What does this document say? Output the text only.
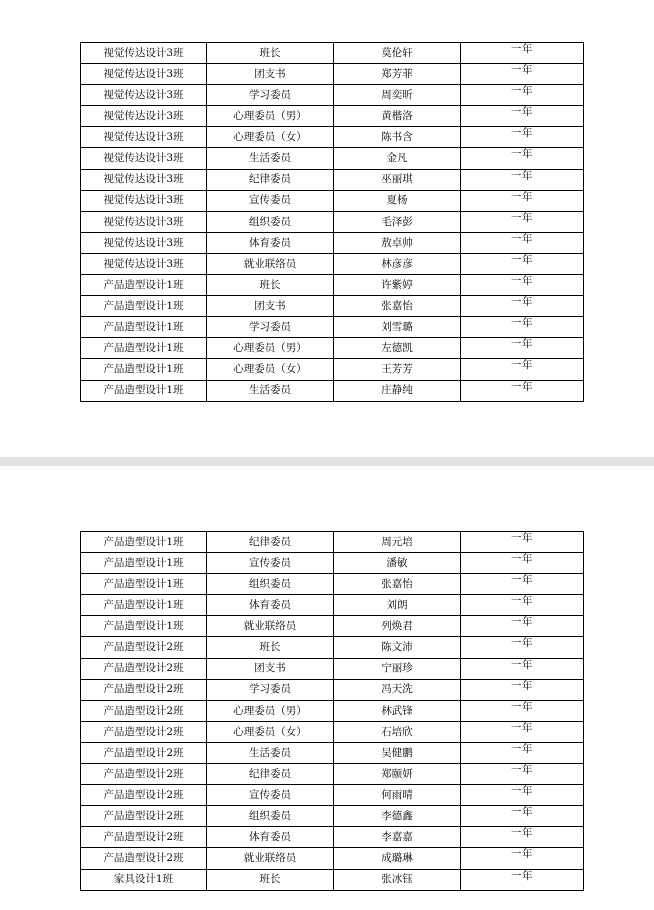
视觉传达设计3班	班长	莫伦轩	一年
视觉传达设计3班	团支书	郑芳菲	一年
视觉传达设计3班	学习委员	周奕昕	一年
视觉传达设计3班	心理委员（男）	黄楷洛	一年
视觉传达设计3班	心理委员（女）	陈书含	一年
视觉传达设计3班	生活委员	金凡	一年
视觉传达设计3班	纪律委员	巫丽琪	一年
视觉传达设计3班	宣传委员	夏杨	一年
视觉传达设计3班	组织委员	毛泽彭	一年
视觉传达设计3班	体育委员	敖卓帅	一年
视觉传达设计3班	就业联络员	林彦彦	一年
产品造型设计1班	班长	许紫婷	一年
产品造型设计1班	团支书	张嘉怡	一年
产品造型设计1班	学习委员	刘雪璐	一年
产品造型设计1班	心理委员（男）	左德凯	一年
产品造型设计1班	心理委员（女）	王芳芳	一年
产品造型设计1班	生活委员	庄静纯	一年
产品造型设计1班	纪律委员	周元培	一年
产品造型设计1班	宣传委员	潘敏	一年
产品造型设计1班	组织委员	张嘉怡	一年
产品造型设计1班	体育委员	刘朗	一年
产品造型设计1班	就业联络员	列焕君	一年
产品造型设计2班	班长	陈文沛	一年
产品造型设计2班	团支书	宁丽珍	一年
产品造型设计2班	学习委员	冯天洗	一年
产品造型设计2班	心理委员（男）	林武锋	一年
产品造型设计2班	心理委员（女）	石培欣	一年
产品造型设计2班	生活委员	吴健鹏	一年
产品造型设计2班	纪律委员	郑颐妍	一年
产品造型设计2班	宣传委员	何雨晴	一年
产品造型设计2班	组织委员	李德鑫	一年
产品造型设计2班	体育委员	李嘉嘉	一年
产品造型设计2班	就业联络员	成璐琳	一年
家具设计1班	班长	张冰钰	一年
